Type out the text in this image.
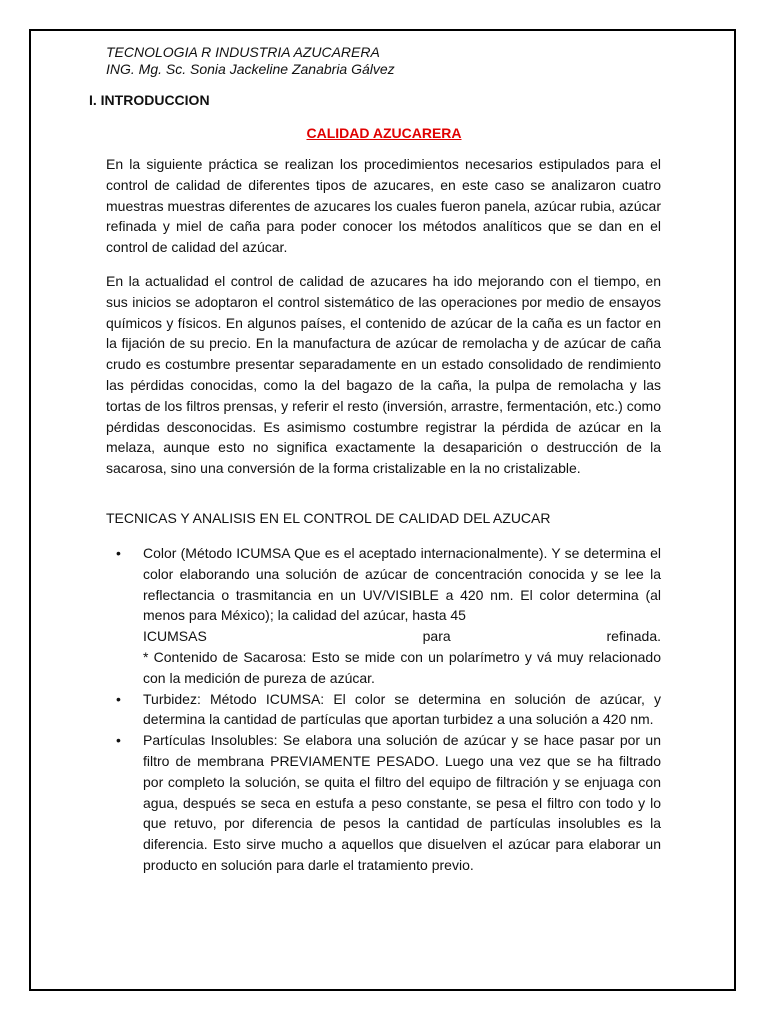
TECNOLOGIA R INDUSTRIA AZUCARERA
ING. Mg. Sc. Sonia Jackeline Zanabria Gálvez
I. INTRODUCCION
CALIDAD AZUCARERA

En la siguiente práctica se realizan los procedimientos necesarios estipulados para el control de calidad de diferentes tipos de azucares, en este caso se analizaron cuatro muestras muestras diferentes de azucares los cuales fueron panela, azúcar rubia, azúcar refinada y miel de caña para poder conocer los métodos analíticos que se dan en el control de calidad del azúcar.

En la actualidad el control de calidad de azucares ha ido mejorando con el tiempo, en sus inicios se adoptaron el control sistemático de las operaciones por medio de ensayos químicos y físicos. En algunos países, el contenido de azúcar de la caña es un factor en la fijación de su precio. En la manufactura de azúcar de remolacha y de azúcar de caña crudo es costumbre presentar separadamente en un estado consolidado de rendimiento las pérdidas conocidas, como la del bagazo de la caña, la pulpa de remolacha y las tortas de los filtros prensas, y referir el resto (inversión, arrastre, fermentación, etc.) como pérdidas desconocidas. Es asimismo costumbre registrar la pérdida de azúcar en la melaza, aunque esto no significa exactamente la desaparición o destrucción de la sacarosa, sino una conversión de la forma cristalizable en la no cristalizable.

TECNICAS Y ANALISIS EN EL CONTROL DE CALIDAD DEL AZUCAR
• Color (Método ICUMSA Que es el aceptado internacionalmente). Y se determina el color elaborando una solución de azúcar de concentración conocida y se lee la reflectancia o trasmitancia en un UV/VISIBLE a 420 nm. El color determina (al menos para México); la calidad del azúcar, hasta 45
ICUMSAS	para	refinada.
* Contenido de Sacarosa: Esto se mide con un polarímetro y vá muy relacionado con la medición de pureza de azúcar.
• Turbidez: Método ICUMSA: El color se determina en solución de azúcar, y determina la cantidad de partículas que aportan turbidez a una solución a 420 nm.
• Partículas Insolubles: Se elabora una solución de azúcar y se hace pasar por un filtro de membrana PREVIAMENTE PESADO. Luego una vez que se ha filtrado por completo la solución, se quita el filtro del equipo de filtración y se enjuaga con agua, después se seca en estufa a peso constante, se pesa el filtro con todo y lo que retuvo, por diferencia de pesos la cantidad de partículas insolubles es la diferencia. Esto sirve mucho a aquellos que disuelven el azúcar para elaborar un producto en solución para darle el tratamiento previo.
